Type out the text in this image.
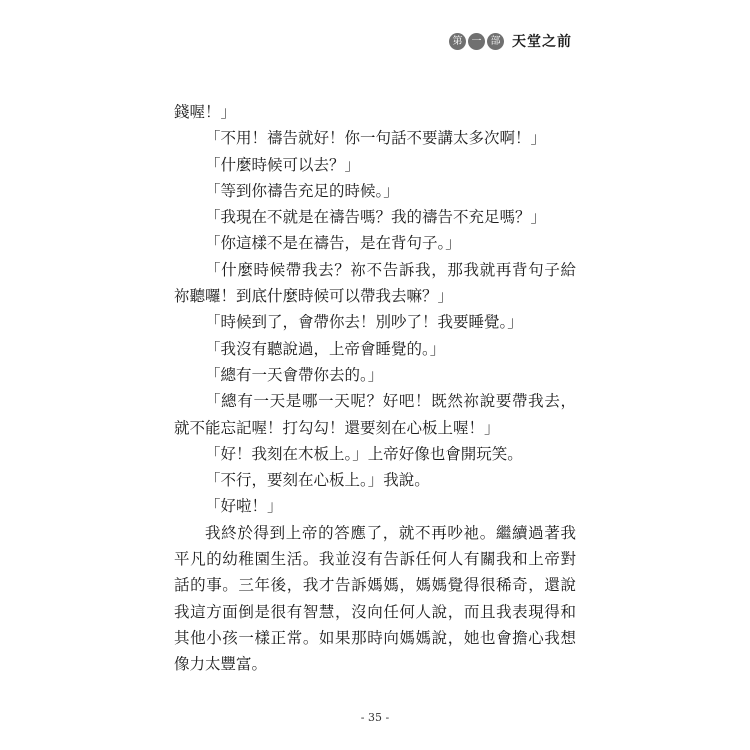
第 一 部 天堂之前

錢喔！」

「不用！禱告就好！你一句話不要講太多次啊！」

「什麼時候可以去？」

「等到你禱告充足的時候。」

「我現在不就是在禱告嗎？我的禱告不充足嗎？」

「你這樣不是在禱告，是在背句子。」

「什麼時候帶我去？祢不告訴我，那我就再背句子給祢聽囉！到底什麼時候可以帶我去嘛？」

「時候到了，會帶你去！別吵了！我要睡覺。」

「我沒有聽說過，上帝會睡覺的。」

「總有一天會帶你去的。」

「總有一天是哪一天呢？好吧！既然祢說要帶我去，就不能忘記喔！打勾勾！還要刻在心板上喔！」

「好！我刻在木板上。」上帝好像也會開玩笑。

「不行，要刻在心板上。」我說。

「好啦！」

我終於得到上帝的答應了，就不再吵祂。繼續過著我平凡的幼稚園生活。我並沒有告訴任何人有關我和上帝對話的事。三年後，我才告訴媽媽，媽媽覺得很稀奇，還說我這方面倒是很有智慧，沒向任何人說，而且我表現得和其他小孩一樣正常。如果那時向媽媽說，她也會擔心我想像力太豐富。

- 35 -
